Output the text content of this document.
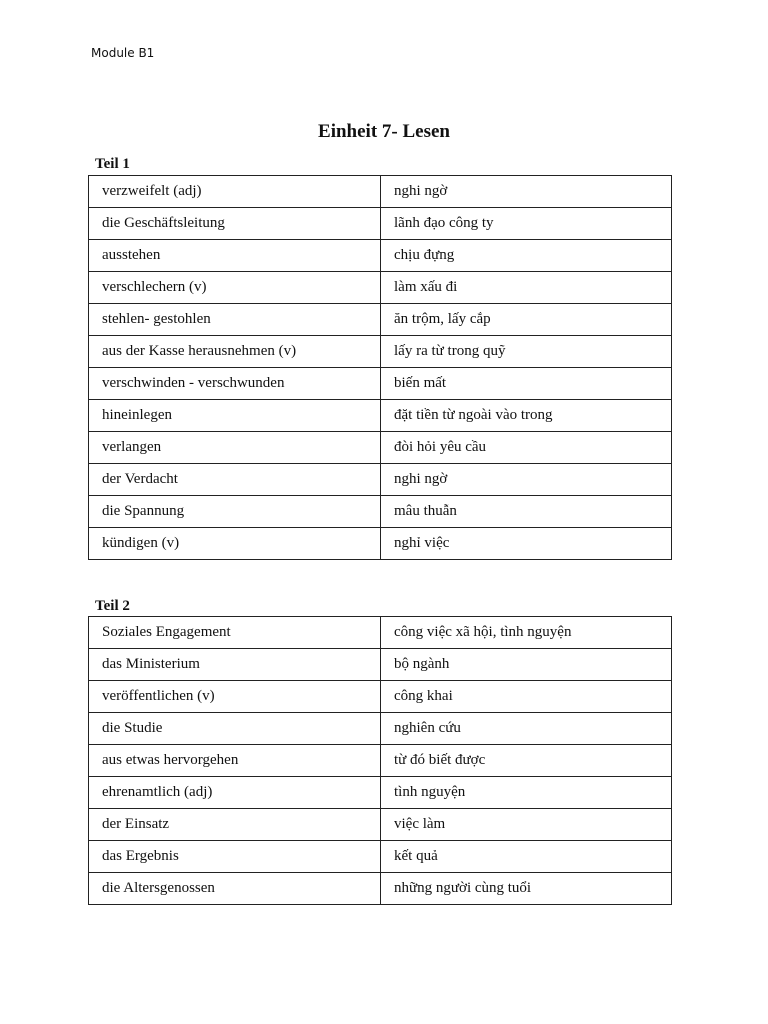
Module B1
Einheit 7- Lesen
Teil 1
verzweifelt (adj)	nghi ngờ
die Geschäftsleitung	lãnh đạo công ty
ausstehen	chịu đựng
verschlechern (v)	làm xấu đi
stehlen- gestohlen	ăn trộm, lấy cắp
aus der Kasse herausnehmen (v)	lấy ra từ trong quỹ
verschwinden - verschwunden	biến mất
hineinlegen	đặt tiền từ ngoài vào trong
verlangen	đòi hỏi yêu cầu
der Verdacht	nghi ngờ
die Spannung	mâu thuẫn
kündigen (v)	nghỉ việc
Teil 2
Soziales Engagement	công việc xã hội, tình nguyện
das Ministerium	bộ ngành
veröffentlichen (v)	công khai
die Studie	nghiên cứu
aus etwas hervorgehen	từ đó biết được
ehrenamtlich (adj)	tình nguyện
der Einsatz	việc làm
das Ergebnis	kết quả
die Altersgenossen	những người cùng tuổi
